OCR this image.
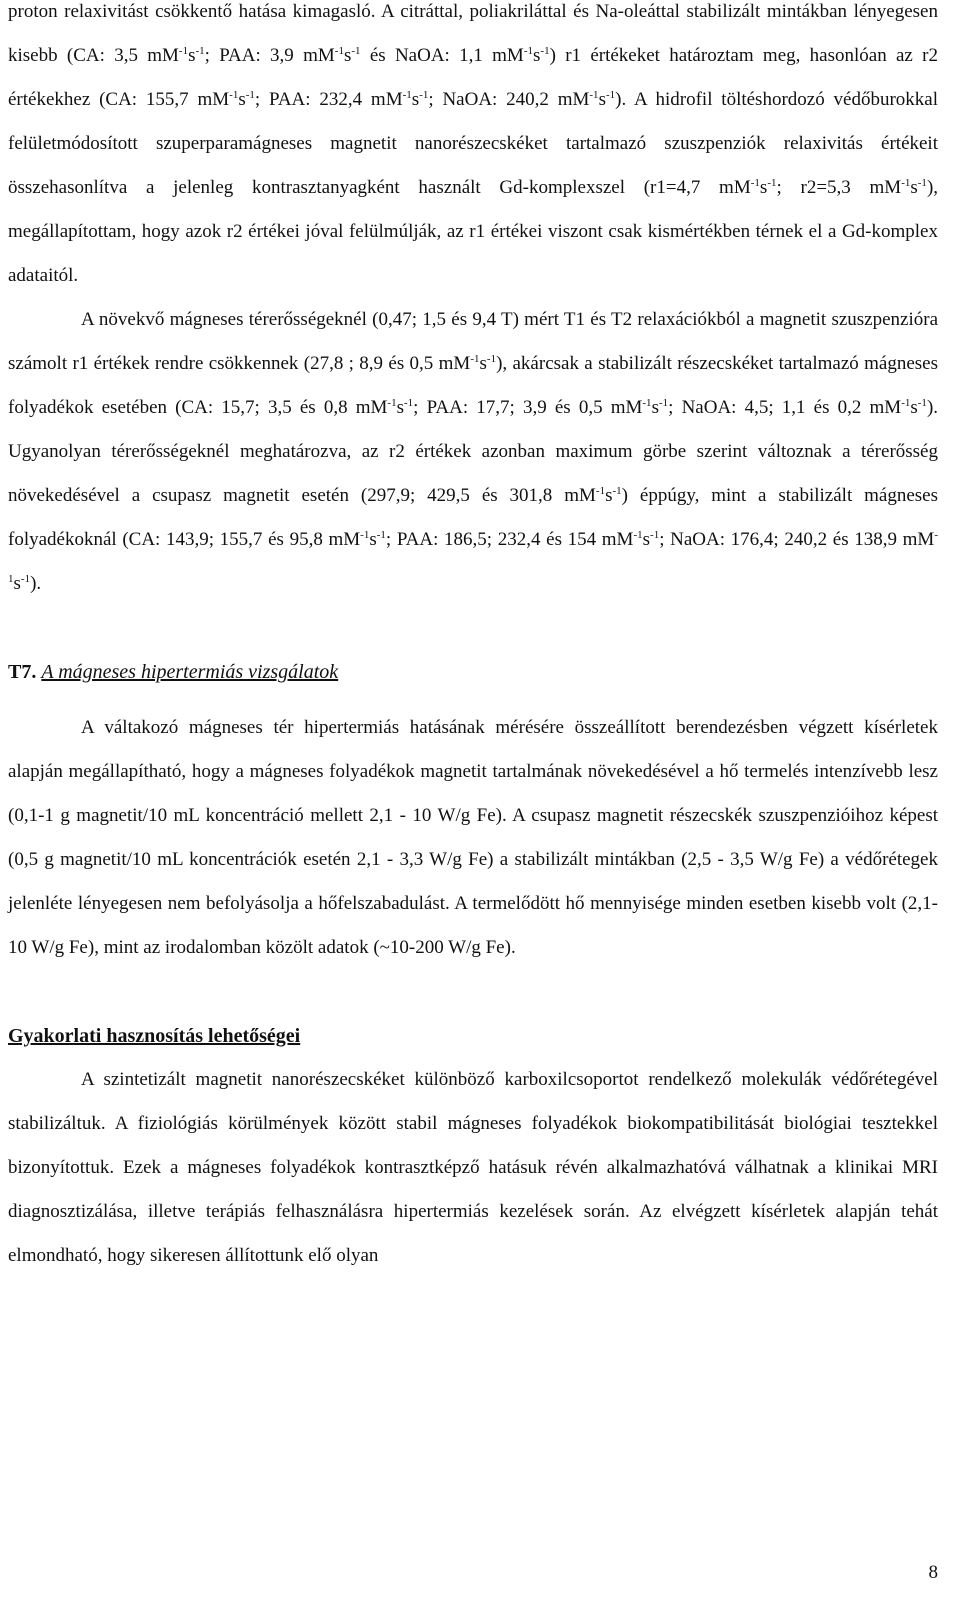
proton relaxivitást csökkentő hatása kimagasló. A citráttal, poliakriláttal és Na-oleáttal stabilizált mintákban lényegesen kisebb (CA: 3,5 $mM^{-1}s^{-1}$; PAA: 3,9 $mM^{-1}s^{-1}$ és NaOA: 1,1 $mM^{-1}s^{-1}$) r1 értékeket határoztam meg, hasonlóan az r2 értékekhez (CA: 155,7 $mM^{-1}s^{-1}$; PAA: 232,4 $mM^{-1}s^{-1}$; NaOA: 240,2 $mM^{-1}s^{-1}$). A hidrofil töltéshordozó védőburokkal felületmódosított szuperparamágneses magnetit nanorészecskéket tartalmazó szuszpenziók relaxivitás értékeit összehasonlítva a jelenleg kontrasztanyagként használt Gd-komplexszel (r1=4,7 $mM^{-1}s^{-1}$; r2=5,3 $mM^{-1}s^{-1}$), megállapítottam, hogy azok r2 értékei jóval felülmúlják, az r1 értékei viszont csak kismértékben térnek el a Gd-komplex adataitól.

A növekvő mágneses térerősségeknél (0,47; 1,5 és 9,4 T) mért T1 és T2 relaxációkból a magnetit szuszpenzióra számolt r1 értékek rendre csökkennek (27,8 ; 8,9 és 0,5 $mM^{-1}s^{-1}$), akárcsak a stabilizált részecskéket tartalmazó mágneses folyadékok esetében (CA: 15,7; 3,5 és 0,8 $mM^{-1}s^{-1}$; PAA: 17,7; 3,9 és 0,5 $mM^{-1}s^{-1}$; NaOA: 4,5; 1,1 és 0,2 $mM^{-1}s^{-1}$). Ugyanolyan térerősségeknél meghatározva, az r2 értékek azonban maximum görbe szerint változnak a térerősség növekedésével a csupasz magnetit esetén (297,9; 429,5 és 301,8 $mM^{-1}s^{-1}$) éppúgy, mint a stabilizált mágneses folyadékoknál (CA: 143,9; 155,7 és 95,8 $mM^{-1}s^{-1}$; PAA: 186,5; 232,4 és 154 $mM^{-1}s^{-1}$; NaOA: 176,4; 240,2 és 138,9 $mM^{-1}s^{-1}$).

T7. A mágneses hipertermiás vizsgálatok

A váltakozó mágneses tér hipertermiás hatásának mérésére összeállított berendezésben végzett kísérletek alapján megállapítható, hogy a mágneses folyadékok magnetit tartalmának növekedésével a hő termelés intenzívebb lesz (0,1-1 g magnetit/10 mL koncentráció mellett 2,1 - 10 W/g Fe). A csupasz magnetit részecskék szuszpenzióihoz képest (0,5 g magnetit/10 mL koncentrációk esetén 2,1 - 3,3 W/g Fe) a stabilizált mintákban (2,5 - 3,5 W/g Fe) a védőrétegek jelenléte lényegesen nem befolyásolja a hőfelszabadulást. A termelődött hő mennyisége minden esetben kisebb volt (2,1-10 W/g Fe), mint az irodalomban közölt adatok (~10-200 W/g Fe).

Gyakorlati hasznosítás lehetőségei

A szintetizált magnetit nanorészecskéket különböző karboxilcsoportot rendelkező molekulák védőrétegével stabilizáltuk. A fiziológiás körülmények között stabil mágneses folyadékok biokompatibilitását biológiai tesztekkel bizonyítottuk. Ezek a mágneses folyadékok kontrasztképző hatásuk révén alkalmazhatóvá válhatnak a klinikai MRI diagnosztizálása, illetve terápiás felhasználásra hipertermiás kezelések során. Az elvégzett kísérletek alapján tehát elmondható, hogy sikeresen állítottunk elő olyan

8
